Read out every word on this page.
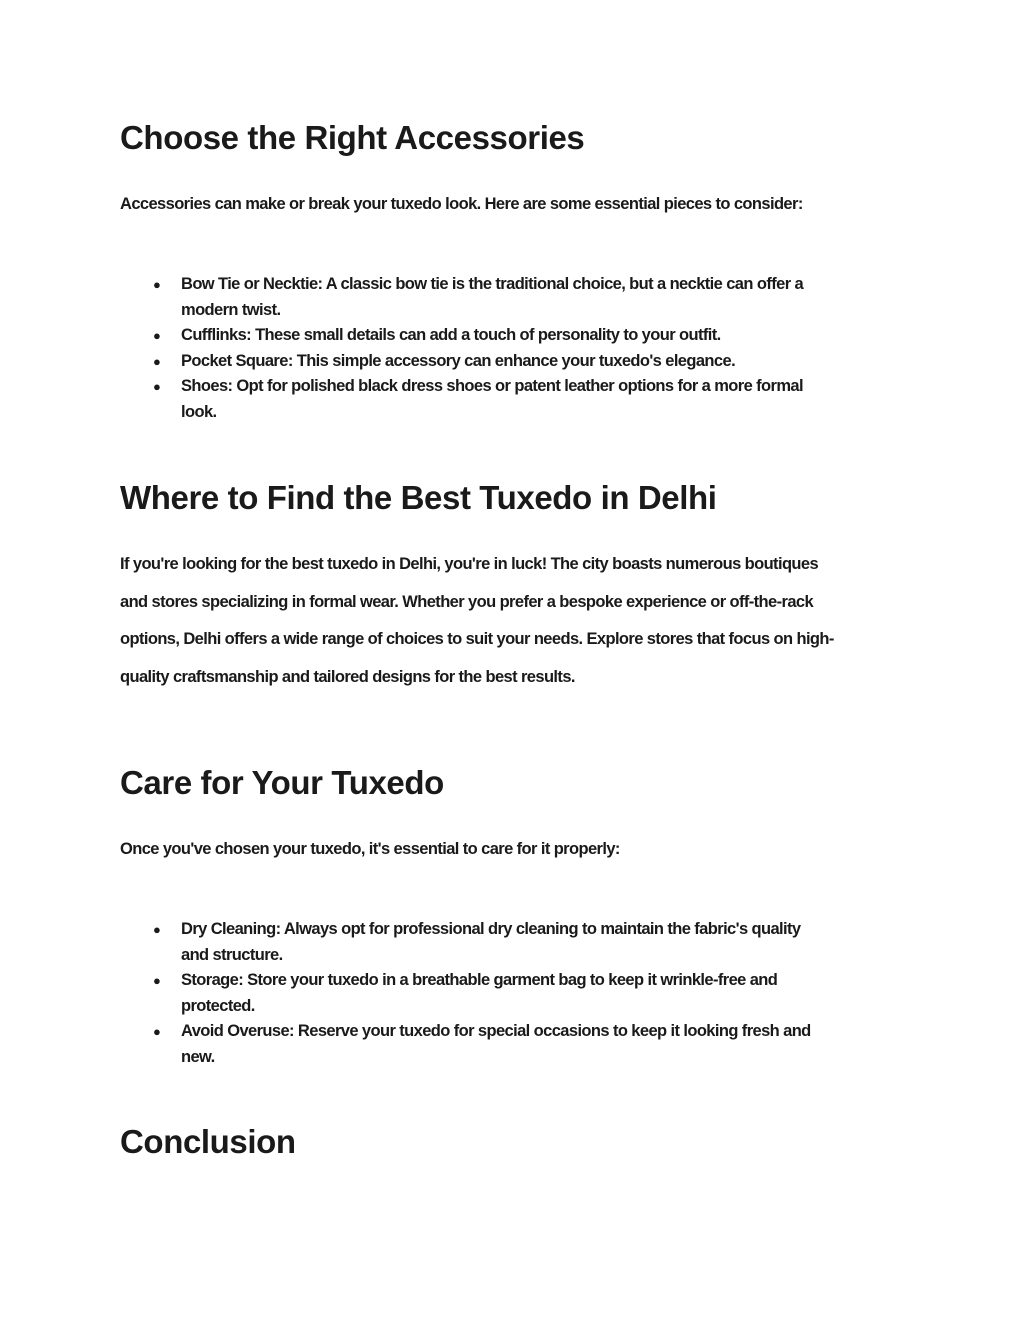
Choose the Right Accessories

Accessories can make or break your tuxedo look. Here are some essential pieces to consider:

● Bow Tie or Necktie: A classic bow tie is the traditional choice, but a necktie can offer a
modern twist.
● Cufflinks: These small details can add a touch of personality to your outfit.
● Pocket Square: This simple accessory can enhance your tuxedo's elegance.
● Shoes: Opt for polished black dress shoes or patent leather options for a more formal
look.
Where to Find the Best Tuxedo in Delhi
If you're looking for the best tuxedo in Delhi, you're in luck! The city boasts numerous boutiques
and stores specializing in formal wear. Whether you prefer a bespoke experience or off-the-rack
options, Delhi offers a wide range of choices to suit your needs. Explore stores that focus on high-
quality craftsmanship and tailored designs for the best results.
Care for Your Tuxedo

Once you've chosen your tuxedo, it's essential to care for it properly:

● Dry Cleaning: Always opt for professional dry cleaning to maintain the fabric's quality
and structure.
● Storage: Store your tuxedo in a breathable garment bag to keep it wrinkle-free and
protected.
● Avoid Overuse: Reserve your tuxedo for special occasions to keep it looking fresh and
new.
Conclusion
